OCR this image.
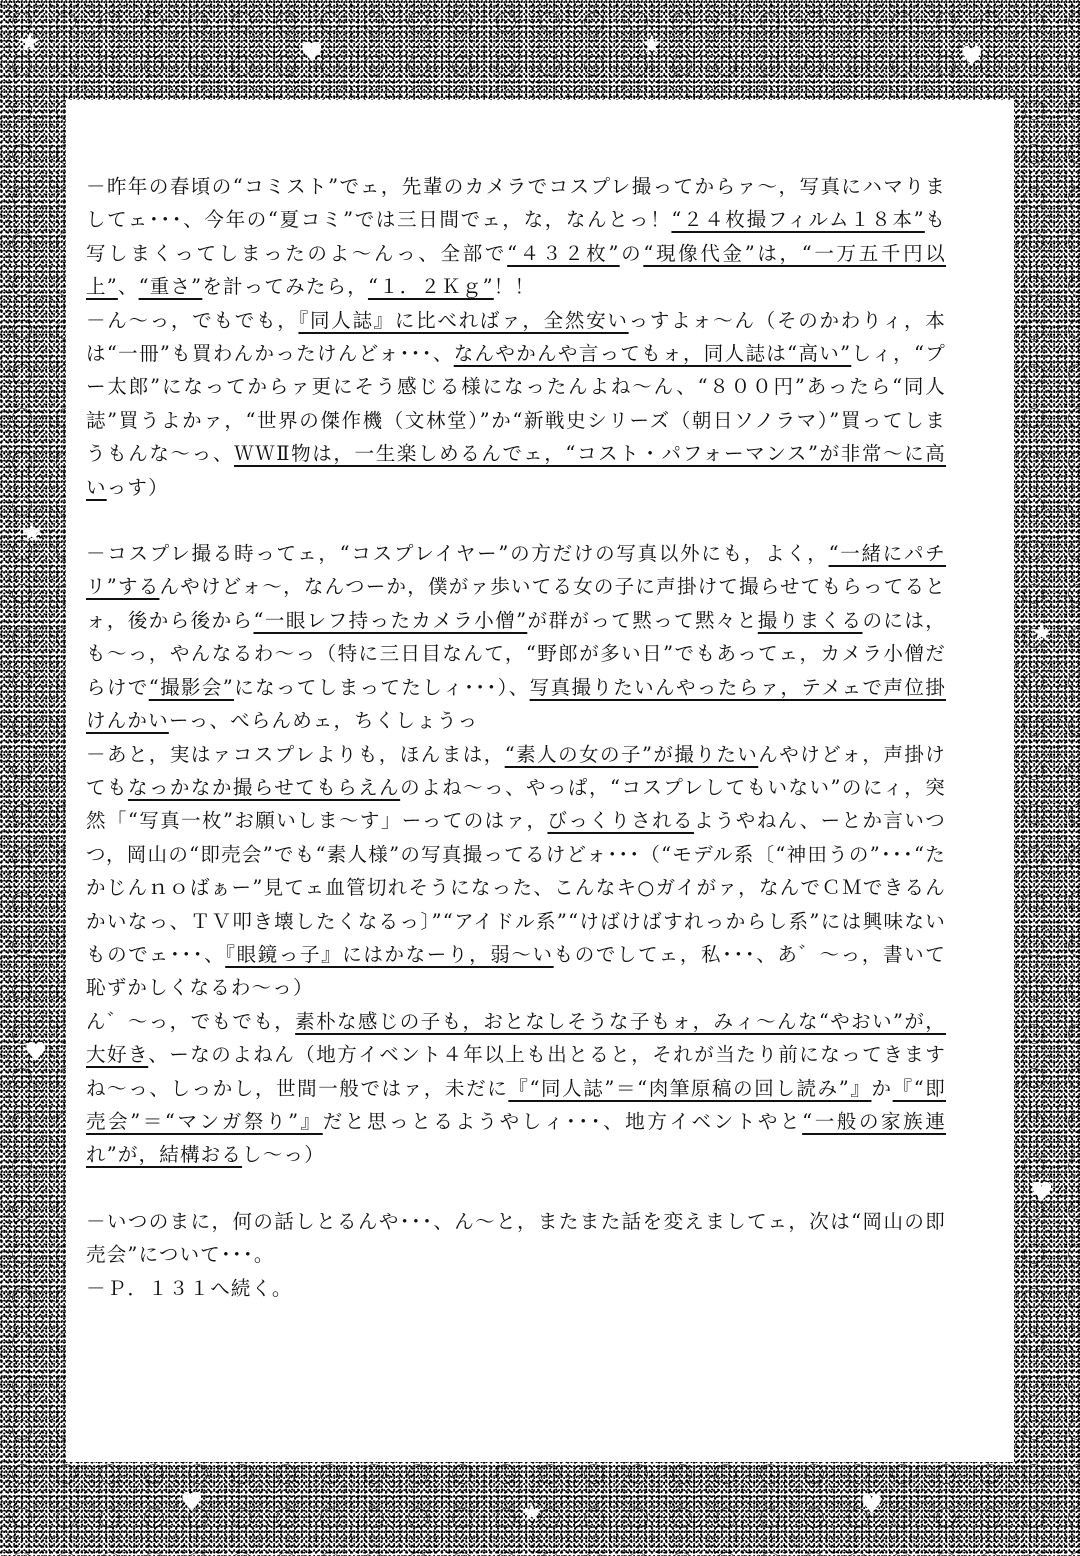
★	♥	★	♥
★
♥
★
♥
♥	★	♥

－昨年の春頃の“コミスト”でェ，先輩のカメラでコスプレ撮ってからァ～，写真にハマりましてェ･･･、今年の“夏コミ”では三日間でェ，な，なんとっ！“２４枚撮フィルム１８本”も写しまくってしまったのよ～んっ、全部で“４３２枚”の“現像代金”は，“一万五千円以上”、“重さ”を計ってみたら，“１．２Ｋｇ”！！

－ん～っ，でもでも，『同人誌』に比べればァ，全然安いっすよォ～ん（そのかわりィ，本は“一冊”も買わんかったけんどォ･･･、なんやかんや言ってもォ，同人誌は“高い”しィ，“プー太郎”になってからァ更にそう感じる様になったんよね～ん、“８００円”あったら“同人誌”買うよかァ，“世界の傑作機（文林堂）”か“新戦史シリーズ（朝日ソノラマ）”買ってしまうもんな～っ、ＷＷⅡ物は，一生楽しめるんでェ，“コスト・パフォーマンス”が非常～に高いっす）

－コスプレ撮る時ってェ，“コスプレイヤー”の方だけの写真以外にも，よく，“一緒にパチリ”するんやけどォ～，なんつーか，僕がァ歩いてる女の子に声掛けて撮らせてもらってるとォ，後から後から“一眼レフ持ったカメラ小僧”が群がって黙って黙々と撮りまくるのには，も～っ，やんなるわ～っ（特に三日目なんて，“野郎が多い日”でもあってェ，カメラ小僧だらけで“撮影会”になってしまってたしィ･･･）、写真撮りたいんやったらァ，テメェで声位掛けんかいーっ、べらんめェ，ちくしょうっ

－あと，実はァコスプレよりも，ほんまは，“素人の女の子”が撮りたいんやけどォ，声掛けてもなっかなか撮らせてもらえんのよね～っ、やっぱ，“コスプレしてもいない”のにィ，突然「“写真一枚”お願いしま～す」ーってのはァ，びっくりされるようやねん、ーとか言いつつ，岡山の“即売会”でも“素人様”の写真撮ってるけどォ･･･（“モデル系〔“神田うの”･･･“たかじんｎｏばぁー”見てェ血管切れそうになった、こんなキ○ガイがァ，なんでＣＭできるんかいなっ、ＴＶ叩き壊したくなるっ〕”“アイドル系”“けばけばすれっからし系”には興味ないものでェ･･･、『眼鏡っ子』にはかなーり，弱～いものでしてェ，私･･･、あ゛～っ，書いて恥ずかしくなるわ～っ）

ん゛～っ，でもでも，素朴な感じの子も，おとなしそうな子もォ，みィ～んな“やおい”が，大好き、ーなのよねん（地方イベント４年以上も出とると，それが当たり前になってきますね～っ、しっかし，世間一般ではァ，未だに『“同人誌”＝“肉筆原稿の回し読み”』か『“即売会”＝“マンガ祭り”』だと思っとるようやしィ･･･、地方イベントやと“一般の家族連れ”が，結構おるし～っ）

－いつのまに，何の話しとるんや･･･、ん～と，またまた話を変えましてェ，次は“岡山の即売会”について･･･。

－Ｐ．１３１へ続く。
